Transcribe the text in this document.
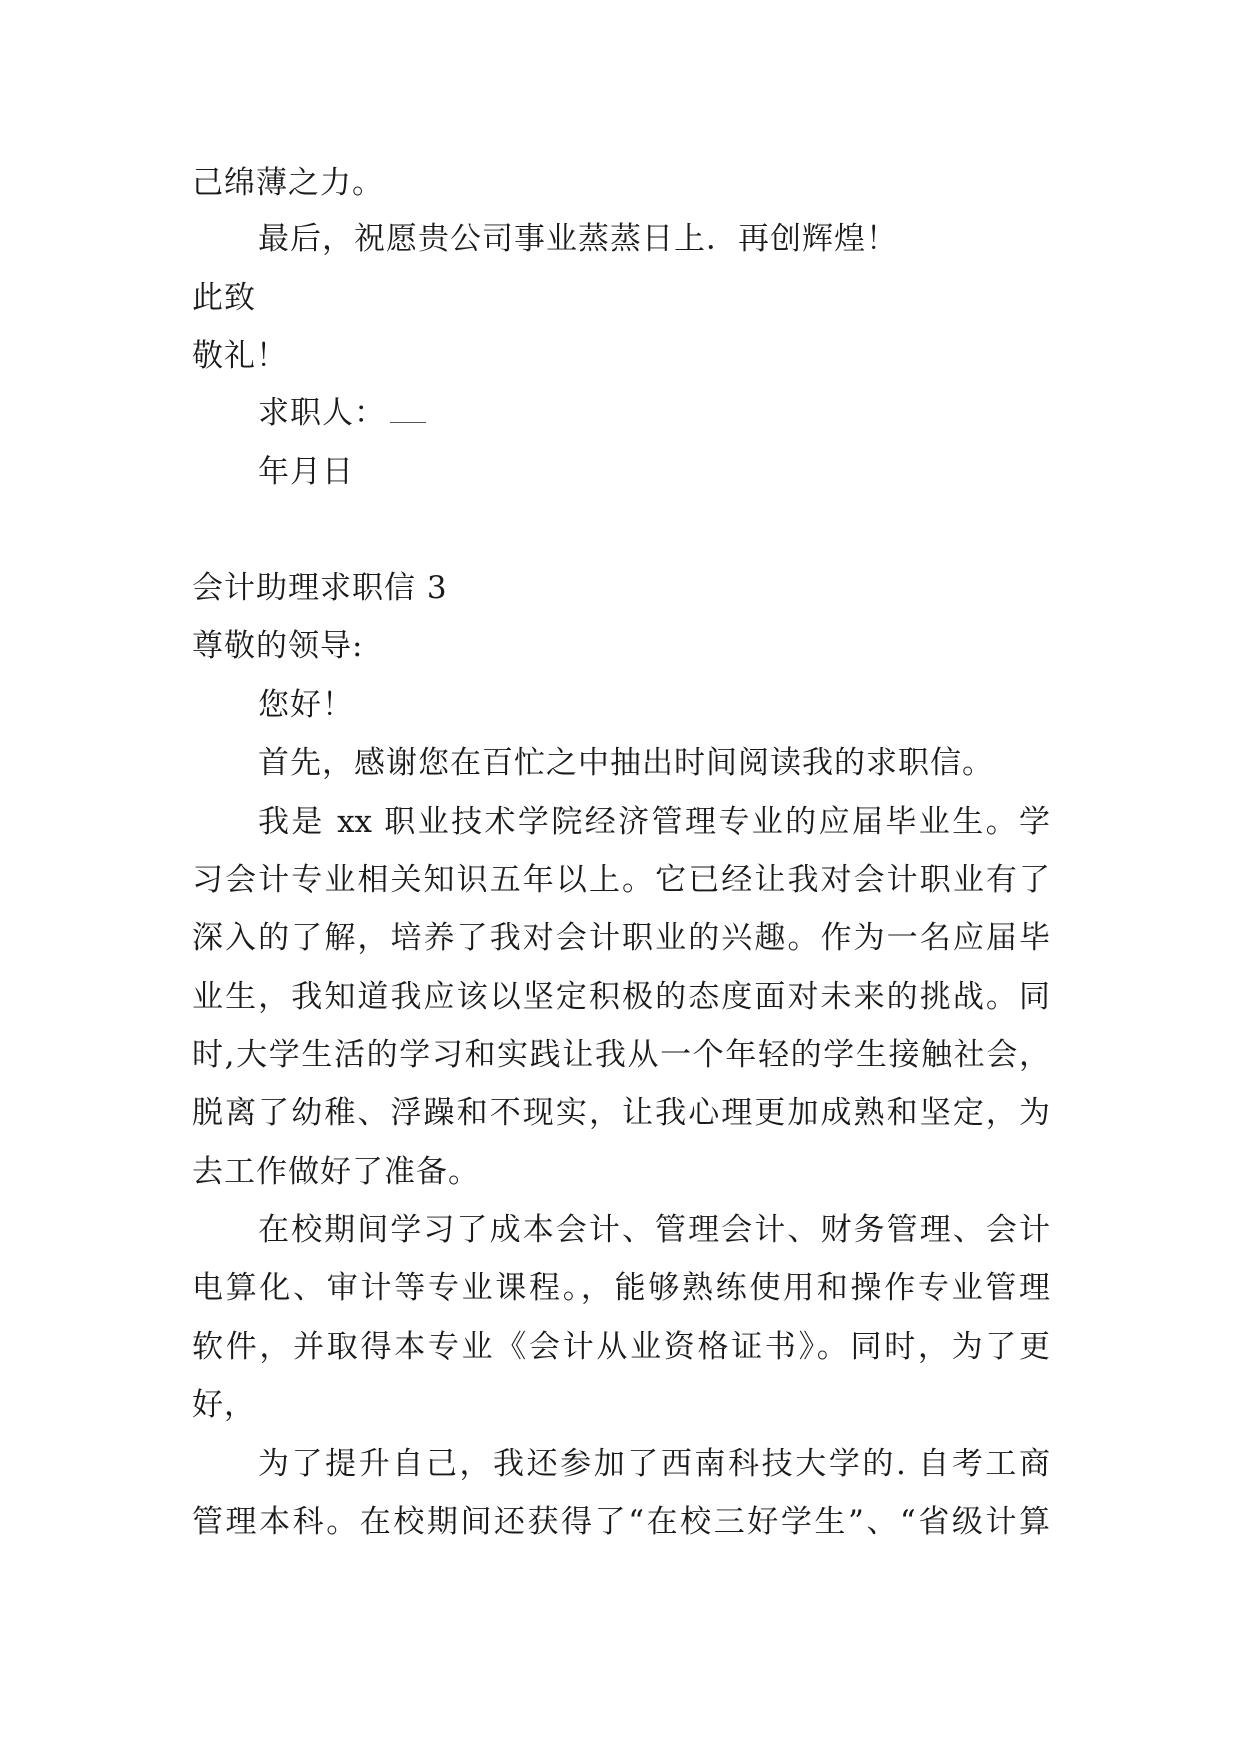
己绵薄之力。
最后，祝愿贵公司事业蒸蒸日上．再创辉煌！
此致
敬礼！
求职人：
年月日
会计助理求职信 3
尊敬的领导:
您好！
首先，感谢您在百忙之中抽出时间阅读我的求职信。
我是 xx 职业技术学院经济管理专业的应届毕业生。学
习会计专业相关知识五年以上。它已经让我对会计职业有了
深入的了解，培养了我对会计职业的兴趣。作为一名应届毕
业生，我知道我应该以坚定积极的态度面对未来的挑战。同
时,大学生活的学习和实践让我从一个年轻的学生接触社会，
脱离了幼稚、浮躁和不现实，让我心理更加成熟和坚定，为
去工作做好了准备。
在校期间学习了成本会计、管理会计、财务管理、会计
电算化、审计等专业课程。，能够熟练使用和操作专业管理
软件，并取得本专业《会计从业资格证书》。同时，为了更
好，
为了提升自己，我还参加了西南科技大学的. 自考工商
管理本科。在校期间还获得了“在校三好学生”、“省级计算
